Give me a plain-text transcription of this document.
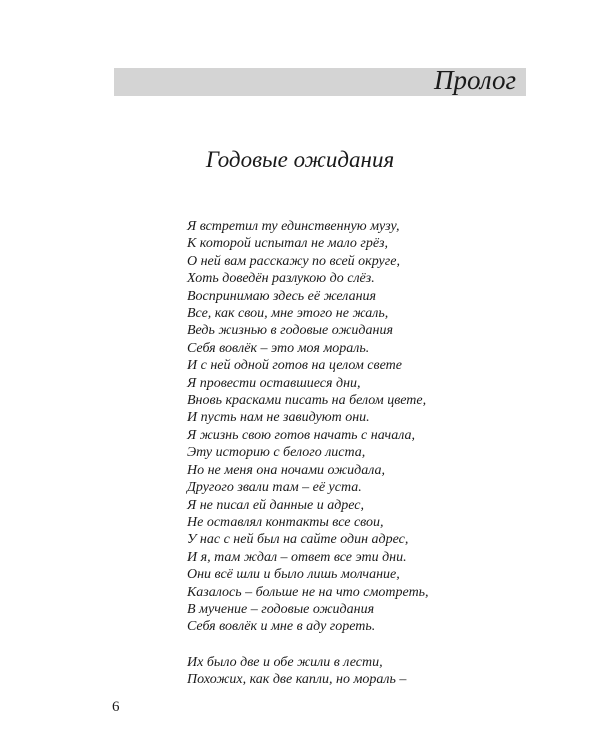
Пролог
Годовые ожидания
Я встретил ту единственную музу,
К которой испытал не мало грёз,
О ней вам расскажу по всей округе,
Хоть доведён разлукою до слёз.
Воспринимаю здесь её желания
Все, как свои, мне этого не жаль,
Ведь жизнью в годовые ожидания
Себя вовлёк – это моя мораль.
И с ней одной готов на целом свете
Я провести оставшиеся дни,
Вновь красками писать на белом цвете,
И пусть нам не завидуют они.
Я жизнь свою готов начать с начала,
Эту историю с белого листа,
Но не меня она ночами ожидала,
Другого звали там – её уста.
Я не писал ей данные и адрес,
Не оставлял контакты все свои,
У нас с ней был на сайте один адрес,
И я, там ждал – ответ все эти дни.
Они всё шли и было лишь молчание,
Казалось – больше не на что смотреть,
В мучение – годовые ожидания
Себя вовлёк и мне в аду гореть.
Их было две и обе жили в лести,
Похожих, как две капли, но мораль –
6
